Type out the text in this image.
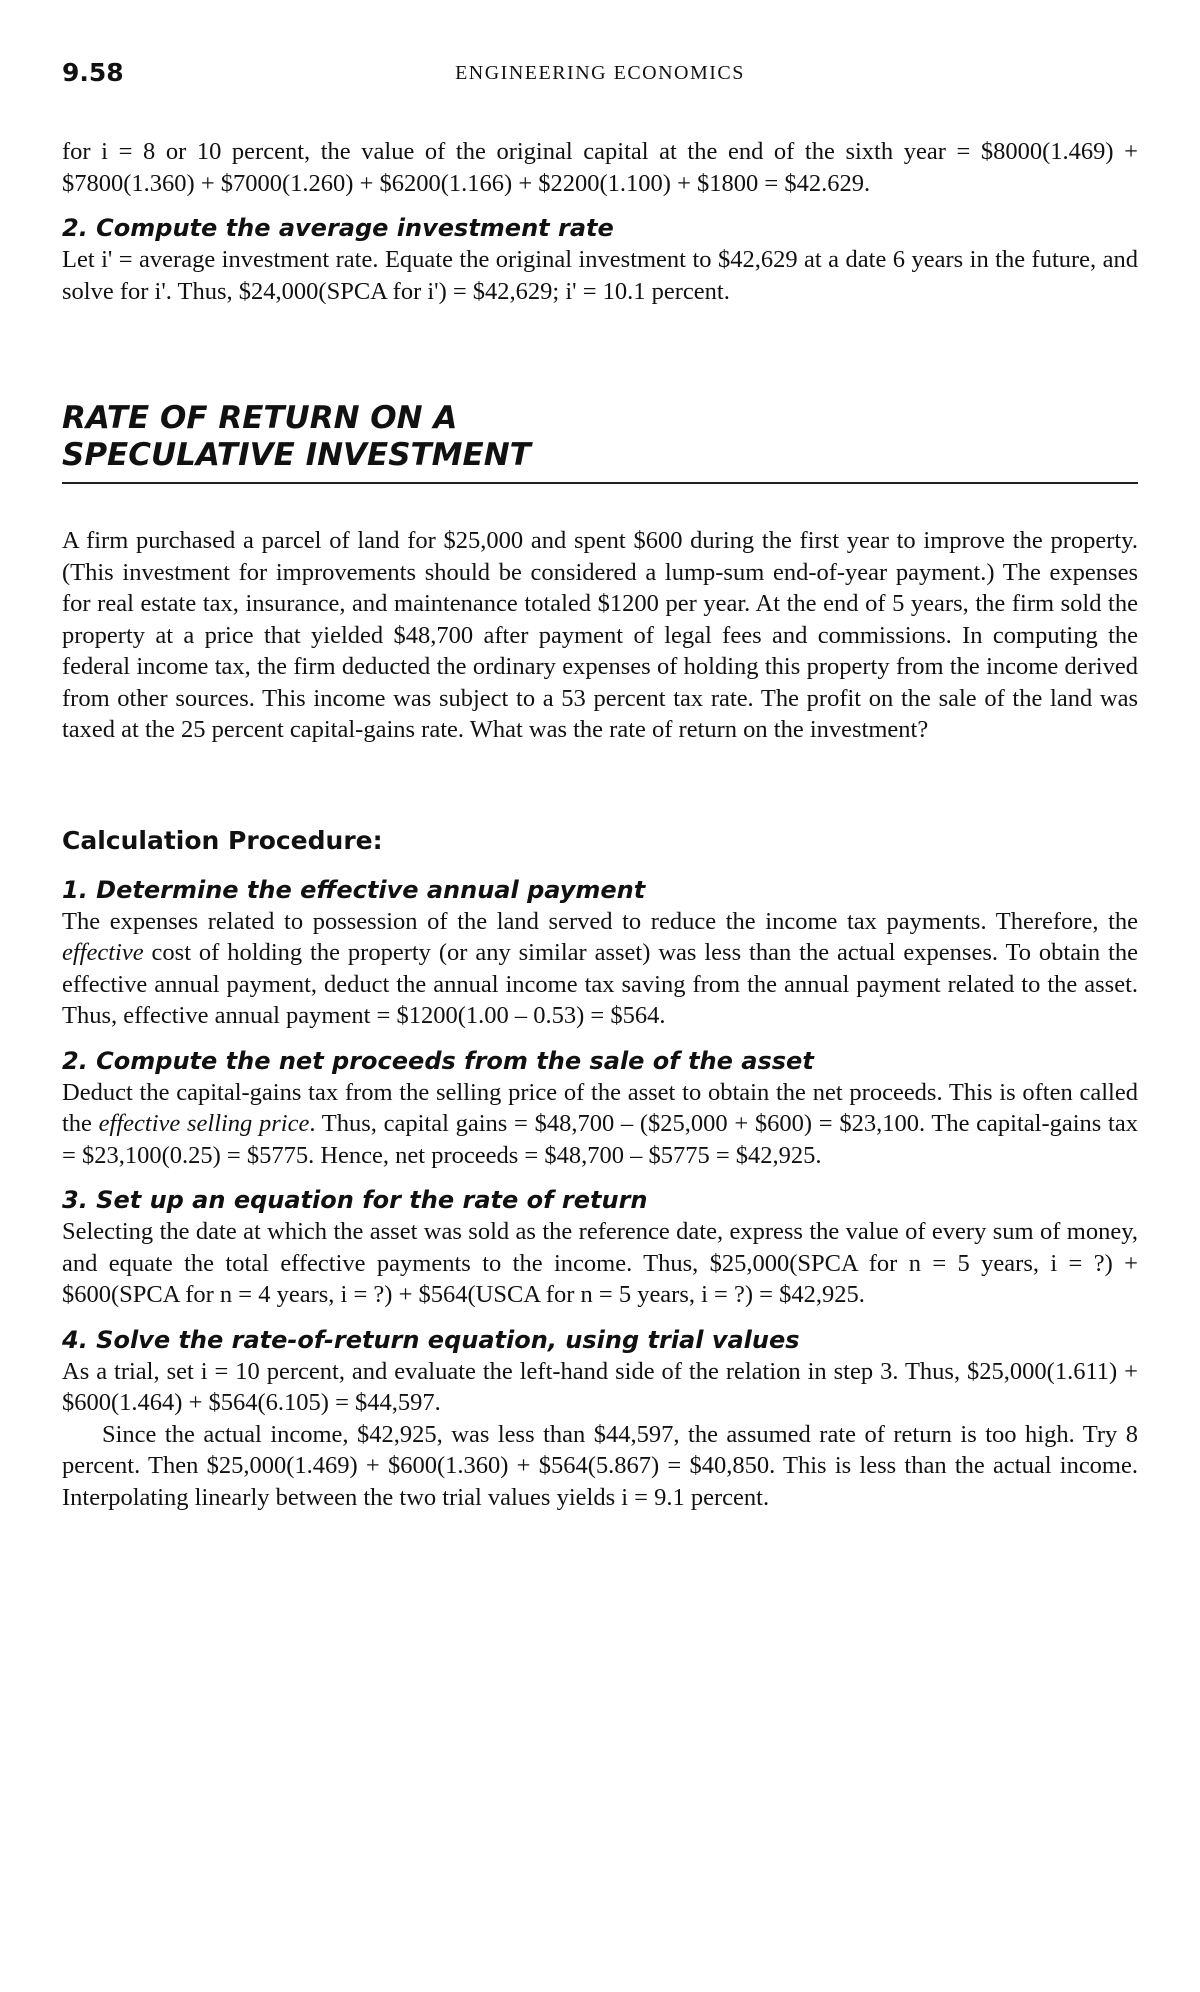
9.58	ENGINEERING ECONOMICS

for i = 8 or 10 percent, the value of the original capital at the end of the sixth year = $8000(1.469) + $7800(1.360) + $7000(1.260) + $6200(1.166) + $2200(1.100) + $1800 = $42.629.

2. Compute the average investment rate

Let i' = average investment rate. Equate the original investment to $42,629 at a date 6 years in the future, and solve for i'. Thus, $24,000(SPCA for i') = $42,629; i' = 10.1 percent.

RATE OF RETURN ON A
SPECULATIVE INVESTMENT

A firm purchased a parcel of land for $25,000 and spent $600 during the first year to improve the property. (This investment for improvements should be considered a lump-sum end-of-year payment.) The expenses for real estate tax, insurance, and maintenance totaled $1200 per year. At the end of 5 years, the firm sold the property at a price that yielded $48,700 after payment of legal fees and commissions. In computing the federal income tax, the firm deducted the ordinary expenses of holding this property from the income derived from other sources. This income was subject to a 53 percent tax rate. The profit on the sale of the land was taxed at the 25 percent capital-gains rate. What was the rate of return on the investment?

Calculation Procedure:
1. Determine the effective annual payment

The expenses related to possession of the land served to reduce the income tax payments. Therefore, the effective cost of holding the property (or any similar asset) was less than the actual expenses. To obtain the effective annual payment, deduct the annual income tax saving from the annual payment related to the asset. Thus, effective annual payment = $1200(1.00 – 0.53) = $564.

2. Compute the net proceeds from the sale of the asset

Deduct the capital-gains tax from the selling price of the asset to obtain the net proceeds. This is often called the effective selling price. Thus, capital gains = $48,700 – ($25,000 + $600) = $23,100. The capital-gains tax = $23,100(0.25) = $5775. Hence, net proceeds = $48,700 – $5775 = $42,925.

3. Set up an equation for the rate of return

Selecting the date at which the asset was sold as the reference date, express the value of every sum of money, and equate the total effective payments to the income. Thus, $25,000(SPCA for n = 5 years, i = ?) + $600(SPCA for n = 4 years, i = ?) + $564(USCA for n = 5 years, i = ?) = $42,925.

4. Solve the rate-of-return equation, using trial values

As a trial, set i = 10 percent, and evaluate the left-hand side of the relation in step 3. Thus, $25,000(1.611) + $600(1.464) + $564(6.105) = $44,597.

Since the actual income, $42,925, was less than $44,597, the assumed rate of return is too high. Try 8 percent. Then $25,000(1.469) + $600(1.360) + $564(5.867) = $40,850. This is less than the actual income. Interpolating linearly between the two trial values yields i = 9.1 percent.
